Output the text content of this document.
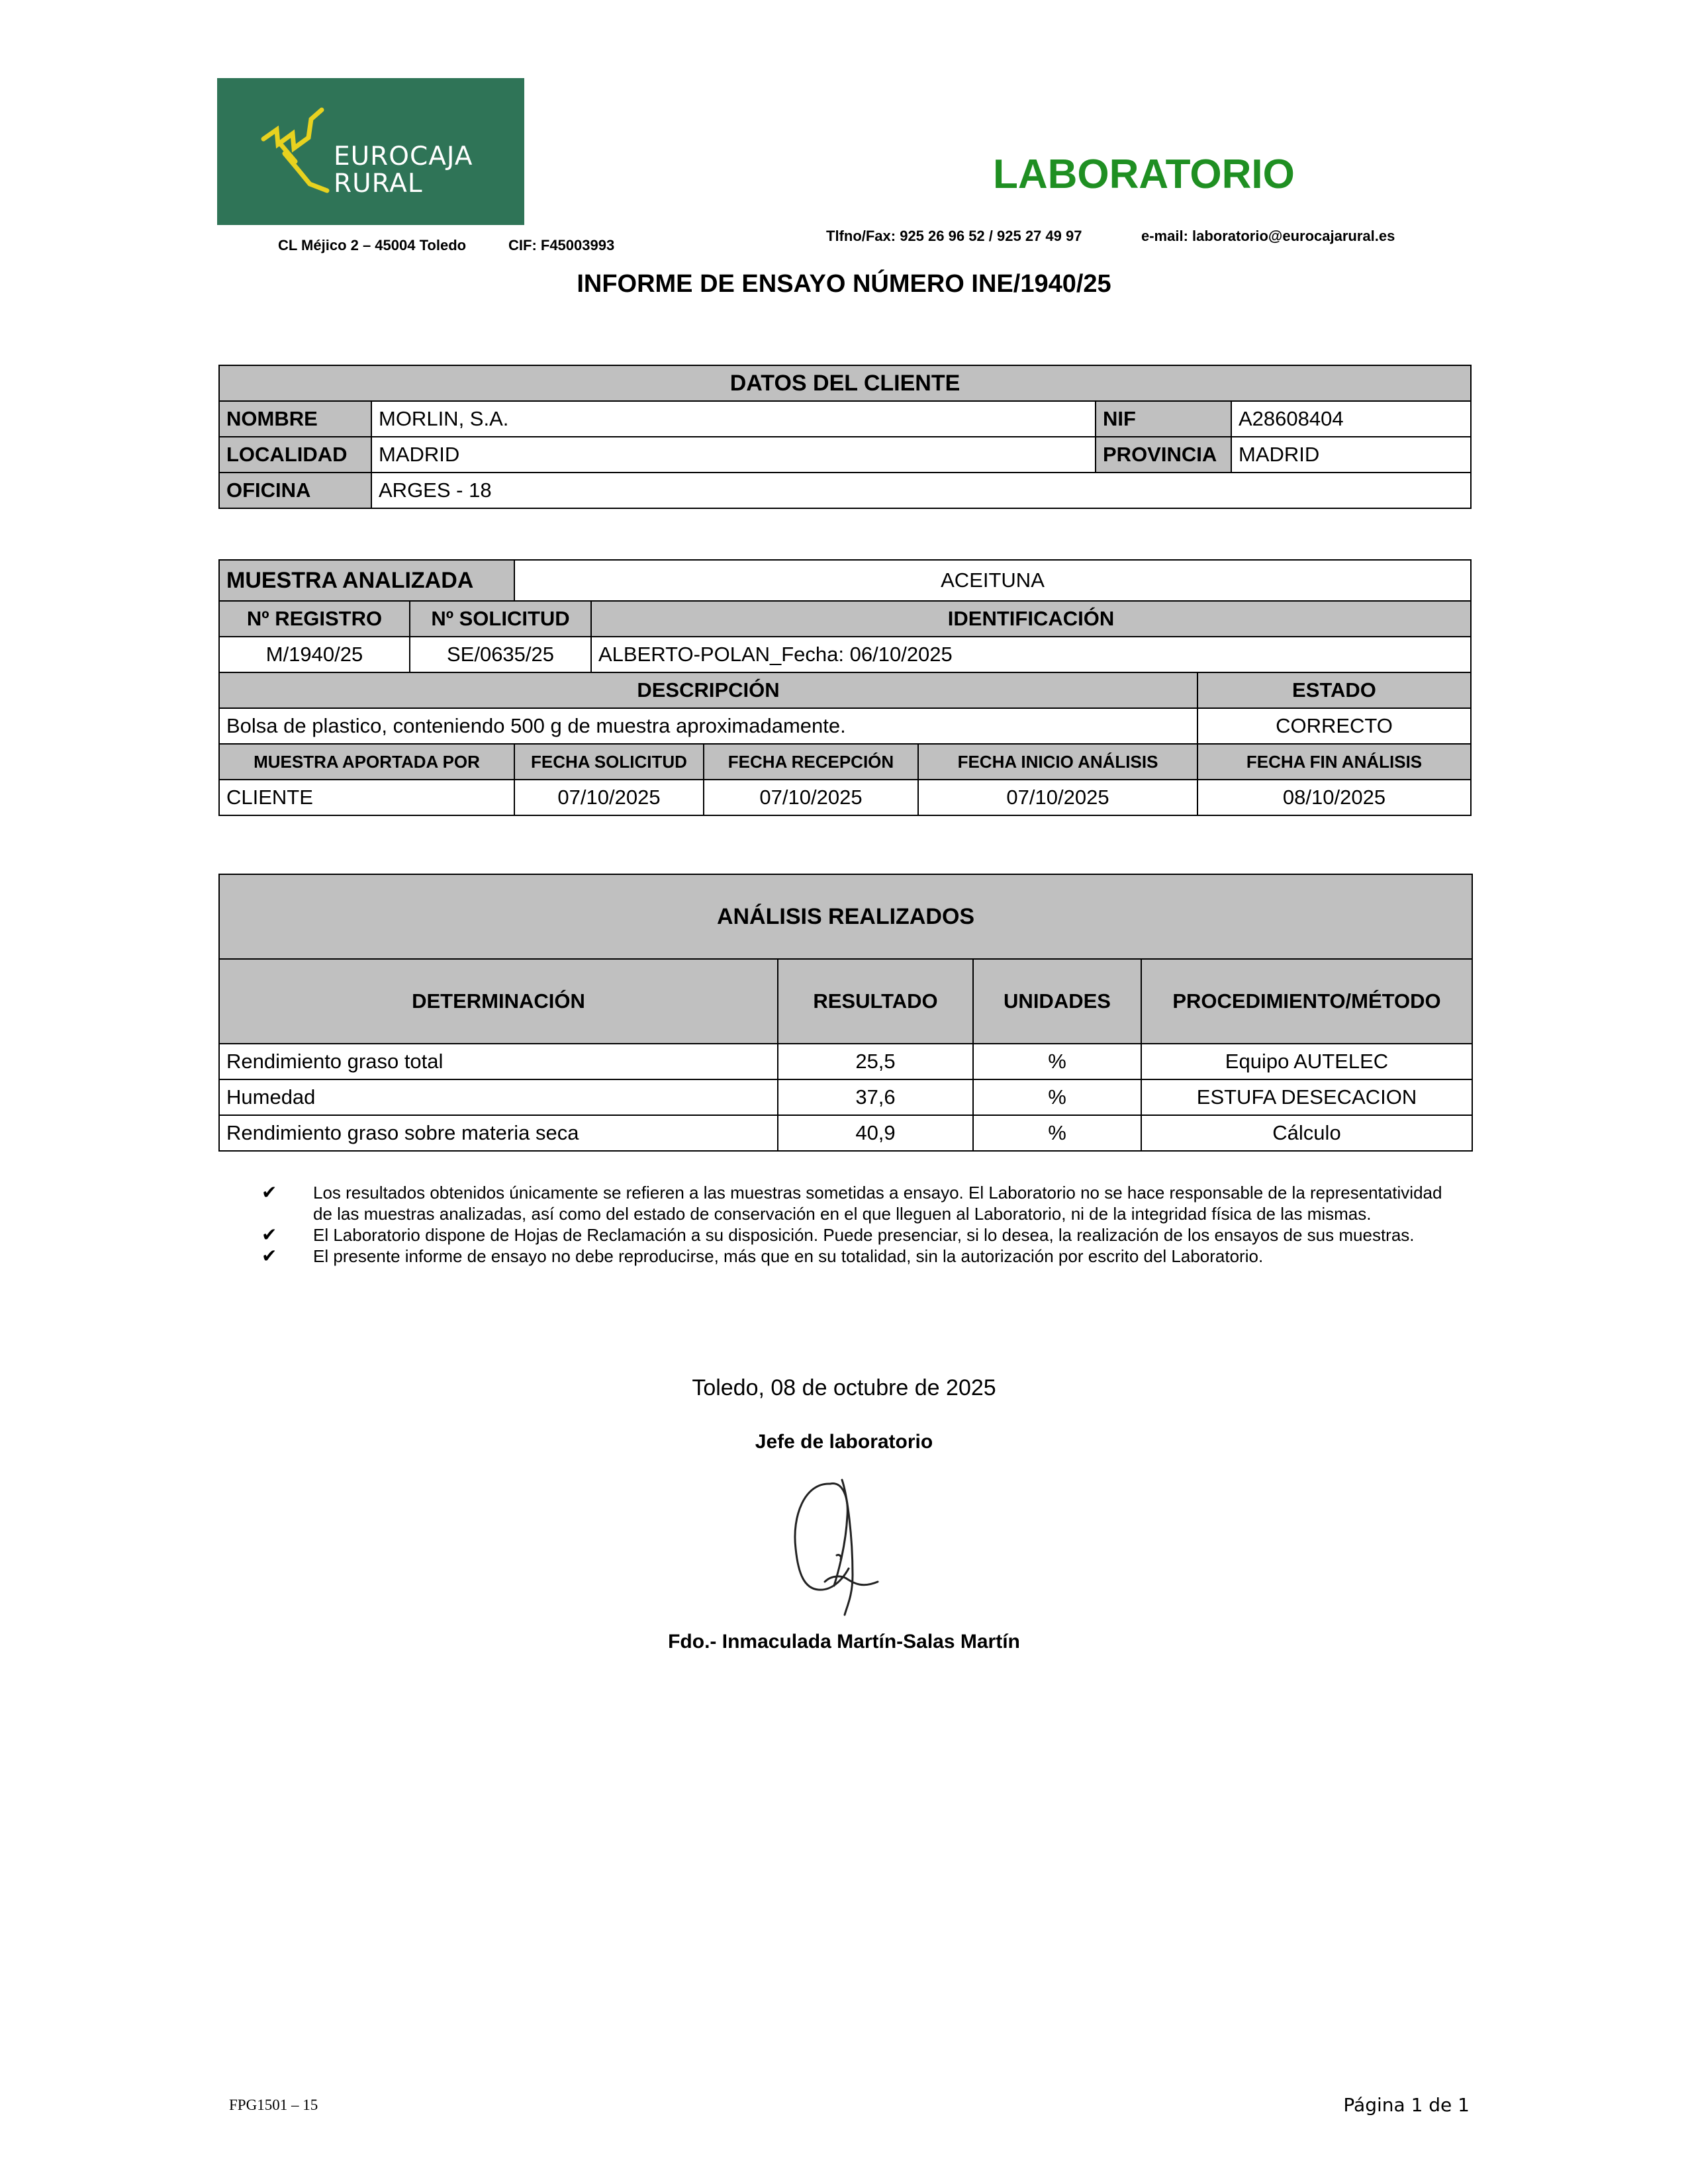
EUROCAJA
RURAL	LABORATORIO
CL Méjico 2 – 45004 Toledo	CIF: F45003993
Tlfno/Fax: 925 26 96 52 / 925 27 49 97	e-mail: laboratorio@eurocajarural.es
INFORME DE ENSAYO NÚMERO INE/1940/25
DATOS DEL CLIENTE			
NOMBRE	MORLIN, S.A.	NIF	A28608404
LOCALIDAD	MADRID	PROVINCIA	MADRID
OFICINA	ARGES - 18		
MUESTRA ANALIZADA		ACEITUNA				
Nº REGISTRO	Nº SOLICITUD		IDENTIFICACIÓN			
M/1940/25	SE/0635/25		ALBERTO-POLAN_Fecha: 06/10/2025			
DESCRIPCIÓN						ESTADO
Bolsa de plastico, conteniendo 500 g de muestra aproximadamente.						CORRECTO
MUESTRA APORTADA POR		FECHA SOLICITUD		FECHA RECEPCIÓN	FECHA INICIO ANÁLISIS	FECHA FIN ANÁLISIS
CLIENTE		07/10/2025		07/10/2025	07/10/2025	08/10/2025
ANÁLISIS REALIZADOS			
DETERMINACIÓN	RESULTADO	UNIDADES	PROCEDIMIENTO/MÉTODO
Rendimiento graso total	25,5	%	Equipo AUTELEC
Humedad	37,6	%	ESTUFA DESECACION
Rendimiento graso sobre materia seca	40,9	%	Cálculo
✔ Los resultados obtenidos únicamente se refieren a las muestras sometidas a ensayo. El Laboratorio no se hace responsable de la representatividad de las muestras analizadas, así como del estado de conservación en el que lleguen al Laboratorio, ni de la integridad física de las mismas.
✔ El Laboratorio dispone de Hojas de Reclamación a su disposición. Puede presenciar, si lo desea, la realización de los ensayos de sus muestras.
✔ El presente informe de ensayo no debe reproducirse, más que en su totalidad, sin la autorización por escrito del Laboratorio.
Toledo, 08 de octubre de 2025
Jefe de laboratorio
Fdo.- Inmaculada Martín-Salas Martín
FPG1501 – 15	Página 1 de 1
